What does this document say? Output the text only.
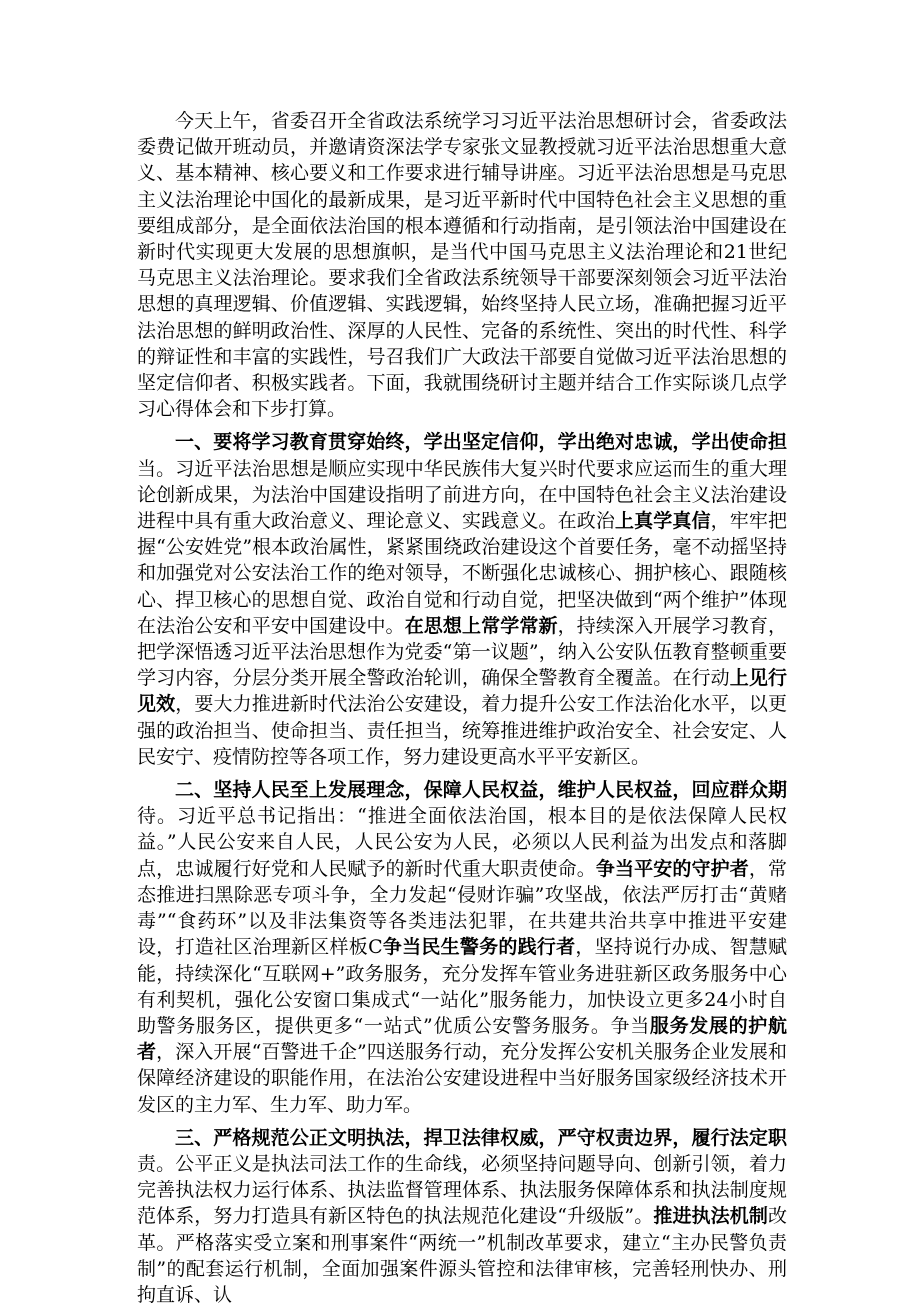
今天上午，省委召开全省政法系统学习习近平法治思想研讨会，省委政法委费记做开班动员，并邀请资深法学专家张文显教授就习近平法治思想重大意义、基本精神、核心要义和工作要求进行辅导讲座。习近平法治思想是马克思主义法治理论中国化的最新成果，是习近平新时代中国特色社会主义思想的重要组成部分，是全面依法治国的根本遵循和行动指南，是引领法治中国建设在新时代实现更大发展的思想旗帜，是当代中国马克思主义法治理论和21世纪马克思主义法治理论。要求我们全省政法系统领导干部要深刻领会习近平法治思想的真理逻辑、价值逻辑、实践逻辑，始终坚持人民立场，准确把握习近平法治思想的鲜明政治性、深厚的人民性、完备的系统性、突出的时代性、科学的辩证性和丰富的实践性，号召我们广大政法干部要自觉做习近平法治思想的坚定信仰者、积极实践者。下面，我就围绕研讨主题并结合工作实际谈几点学习心得体会和下步打算。

一、要将学习教育贯穿始终，学出坚定信仰，学出绝对忠诚，学出使命担当。习近平法治思想是顺应实现中华民族伟大复兴时代要求应运而生的重大理论创新成果，为法治中国建设指明了前进方向，在中国特色社会主义法治建设进程中具有重大政治意义、理论意义、实践意义。在政治上真学真信，牢牢把握“公安姓党”根本政治属性，紧紧围绕政治建设这个首要任务，毫不动摇坚持和加强党对公安法治工作的绝对领导，不断强化忠诚核心、拥护核心、跟随核心、捍卫核心的思想自觉、政治自觉和行动自觉，把坚决做到“两个维护”体现在法治公安和平安中国建设中。在思想上常学常新，持续深入开展学习教育，把学深悟透习近平法治思想作为党委“第一议题”，纳入公安队伍教育整顿重要学习内容，分层分类开展全警政治轮训，确保全警教育全覆盖。在行动上见行见效，要大力推进新时代法治公安建设，着力提升公安工作法治化水平，以更强的政治担当、使命担当、责任担当，统筹推进维护政治安全、社会安定、人民安宁、疫情防控等各项工作，努力建设更高水平平安新区。

二、坚持人民至上发展理念，保障人民权益，维护人民权益，回应群众期待。习近平总书记指出：“推进全面依法治国，根本目的是依法保障人民权益。”人民公安来自人民，人民公安为人民，必须以人民利益为出发点和落脚点，忠诚履行好党和人民赋予的新时代重大职责使命。争当平安的守护者，常态推进扫黑除恶专项斗争，全力发起“侵财诈骗”攻坚战，依法严厉打击“黄赌毒”“食药环”以及非法集资等各类违法犯罪，在共建共治共享中推进平安建设，打造社区治理新区样板C争当民生警务的践行者，坚持说行办成、智慧赋能，持续深化“互联网+”政务服务，充分发挥车管业务进驻新区政务服务中心有利契机，强化公安窗口集成式“一站化”服务能力，加快设立更多24小时自助警务服务区，提供更多“一站式”优质公安警务服务。争当服务发展的护航者，深入开展“百警进千企”四送服务行动，充分发挥公安机关服务企业发展和保障经济建设的职能作用，在法治公安建设进程中当好服务国家级经济技术开发区的主力军、生力军、助力军。

三、严格规范公正文明执法，捍卫法律权威，严守权责边界，履行法定职责。公平正义是执法司法工作的生命线，必须坚持问题导向、创新引领，着力完善执法权力运行体系、执法监督管理体系、执法服务保障体系和执法制度规范体系，努力打造具有新区特色的执法规范化建设“升级版”。推进执法机制改革。严格落实受立案和刑事案件“两统一”机制改革要求，建立“主办民警负责制”的配套运行机制，全面加强案件源头管控和法律审核，完善轻刑快办、刑拘直诉、认
